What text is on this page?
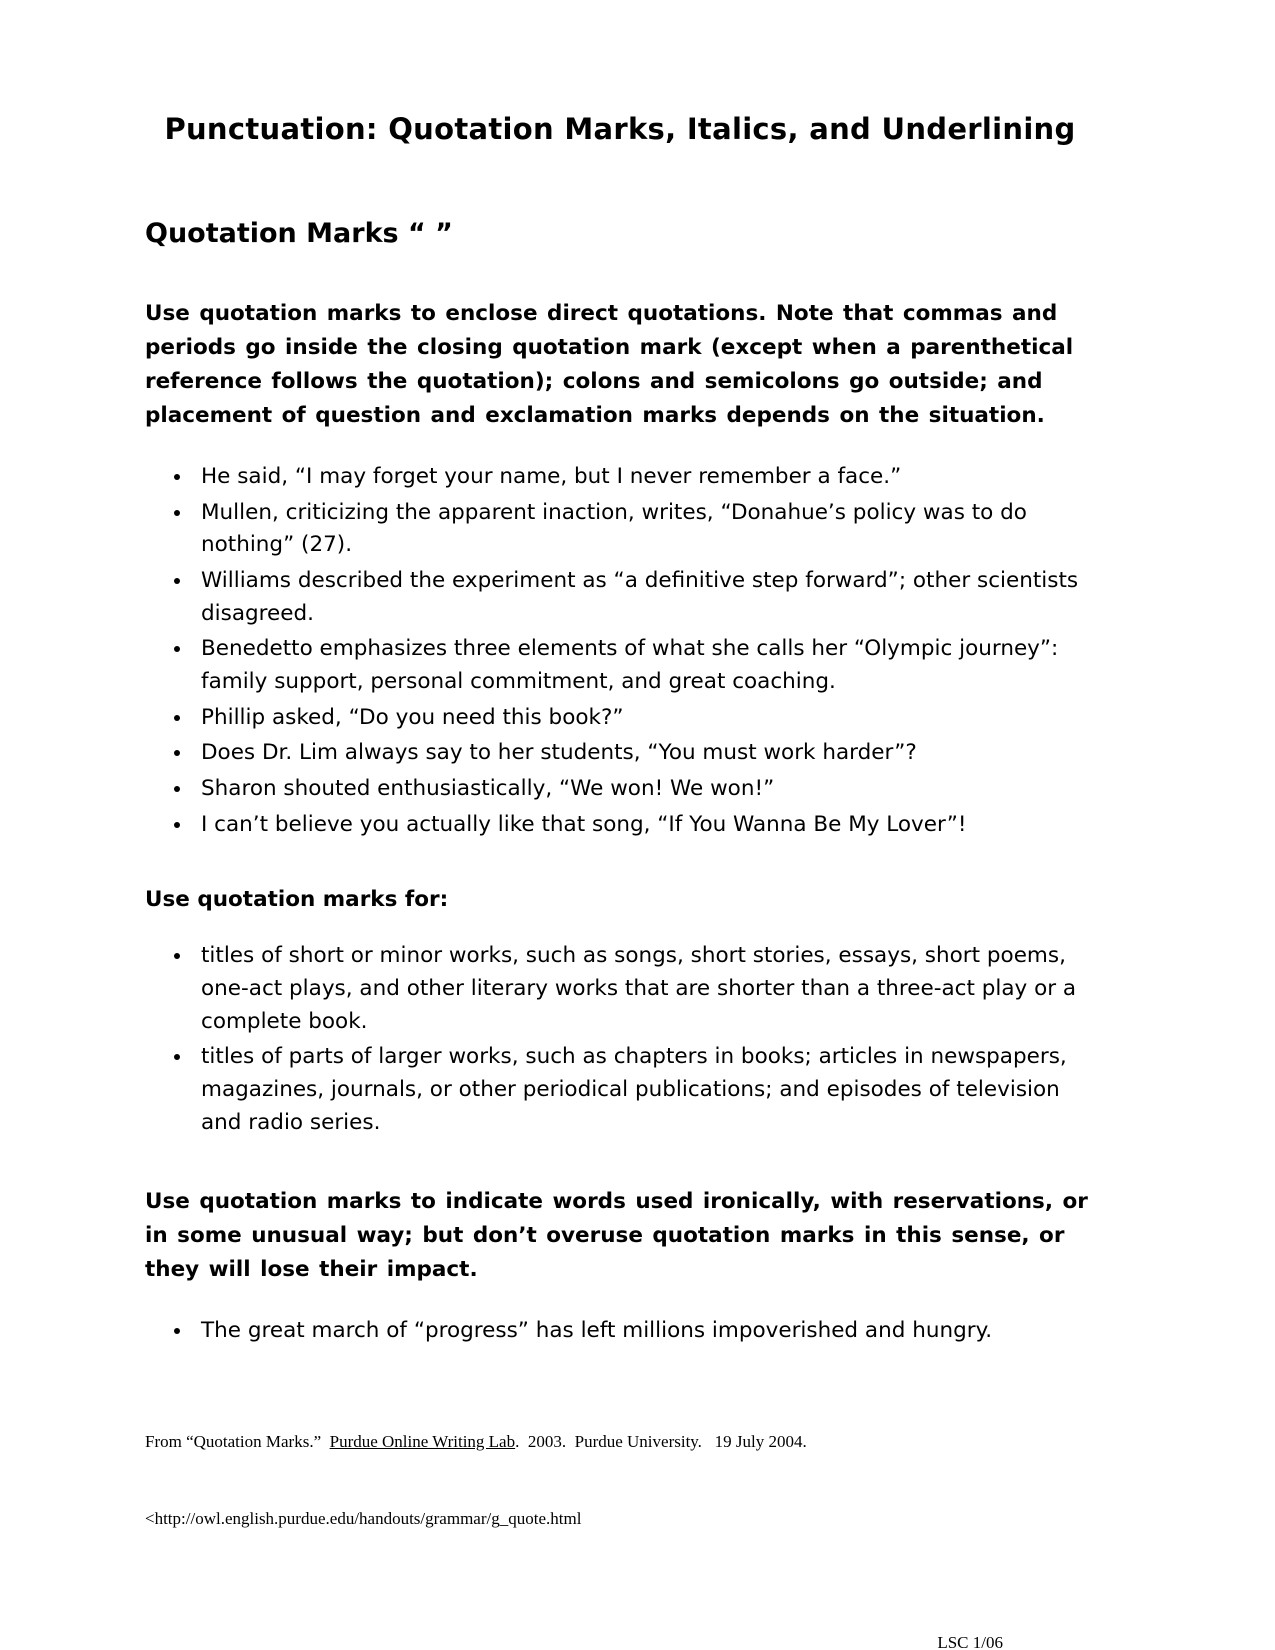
Punctuation: Quotation Marks, Italics, and Underlining
Quotation Marks “ ”

Use quotation marks to enclose direct quotations. Note that commas and periods go inside the closing quotation mark (except when a parenthetical reference follows the quotation); colons and semicolons go outside; and placement of question and exclamation marks depends on the situation.

• He said, “I may forget your name, but I never remember a face.”
• Mullen, criticizing the apparent inaction, writes, “Donahue’s policy was to do nothing” (27).
• Williams described the experiment as “a definitive step forward”; other scientists disagreed.
• Benedetto emphasizes three elements of what she calls her “Olympic journey”: family support, personal commitment, and great coaching.
• Phillip asked, “Do you need this book?”
• Does Dr. Lim always say to her students, “You must work harder”?
• Sharon shouted enthusiastically, “We won! We won!”
• I can’t believe you actually like that song, “If You Wanna Be My Lover”!
Use quotation marks for:
• titles of short or minor works, such as songs, short stories, essays, short poems, one-act plays, and other literary works that are shorter than a three-act play or a complete book.
• titles of parts of larger works, such as chapters in books; articles in newspapers, magazines, journals, or other periodical publications; and episodes of television and radio series.

Use quotation marks to indicate words used ironically, with reservations, or in some unusual way; but don’t overuse quotation marks in this sense, or they will lose their impact.

• The great march of “progress” has left millions impoverished and hungry.

From “Quotation Marks.”  Purdue Online Writing Lab.  2003.  Purdue University.   19 July 2004.

<http://owl.english.purdue.edu/handouts/grammar/g_quote.html

LSC 1/06
